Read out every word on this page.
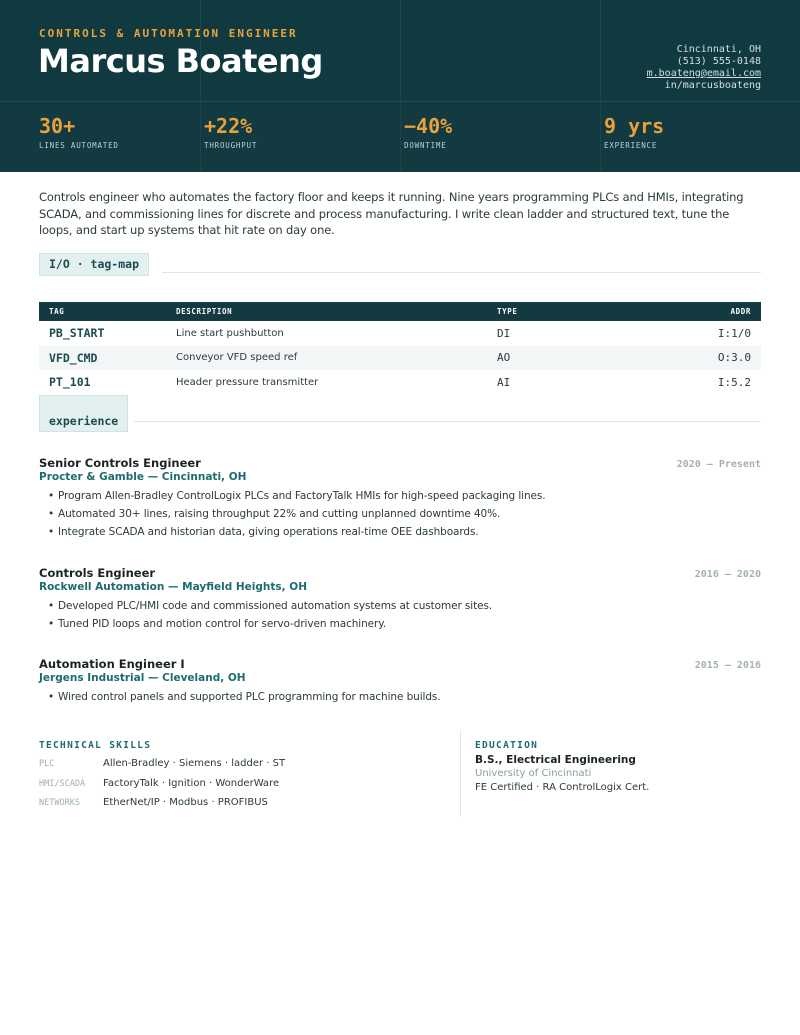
CONTROLS & AUTOMATION ENGINEER
Marcus Boateng	Cincinnati, OH
(513) 555-0148
m.boateng@email.com
in/marcusboateng
30+
LINES AUTOMATED
+22%
THROUGHPUT
−40%
DOWNTIME
9 yrs
EXPERIENCE
Controls engineer who automates the factory floor and keeps it running. Nine years programming PLCs and HMIs, integrating SCADA, and commissioning lines for discrete and process manufacturing. I write clean ladder and structured text, tune the loops, and start up systems that hit rate on day one.
I/O · tag-map
TAG	DESCRIPTION	TYPE	ADDR
PB_START	Line start pushbutton	DI	I:1/0
VFD_CMD	Conveyor VFD speed ref	AO	O:3.0
PT_101	Header pressure transmitter	AI	I:5.2
experience
Senior Controls Engineer	2020 — Present
Procter & Gamble — Cincinnati, OH
• Program Allen-Bradley ControlLogix PLCs and FactoryTalk HMIs for high-speed packaging lines.
• Automated 30+ lines, raising throughput 22% and cutting unplanned downtime 40%.
• Integrate SCADA and historian data, giving operations real-time OEE dashboards.
Controls Engineer	2016 — 2020
Rockwell Automation — Mayfield Heights, OH
• Developed PLC/HMI code and commissioned automation systems at customer sites.
• Tuned PID loops and motion control for servo-driven machinery.
Automation Engineer I	2015 — 2016
Jergens Industrial — Cleveland, OH
• Wired control panels and supported PLC programming for machine builds.
TECHNICAL SKILLS
PLC	Allen-Bradley · Siemens · ladder · ST
HMI/SCADA FactoryTalk · Ignition · WonderWare
NETWORKS EtherNet/IP · Modbus · PROFIBUS
EDUCATION
B.S., Electrical Engineering
University of Cincinnati
FE Certified · RA ControlLogix Cert.
